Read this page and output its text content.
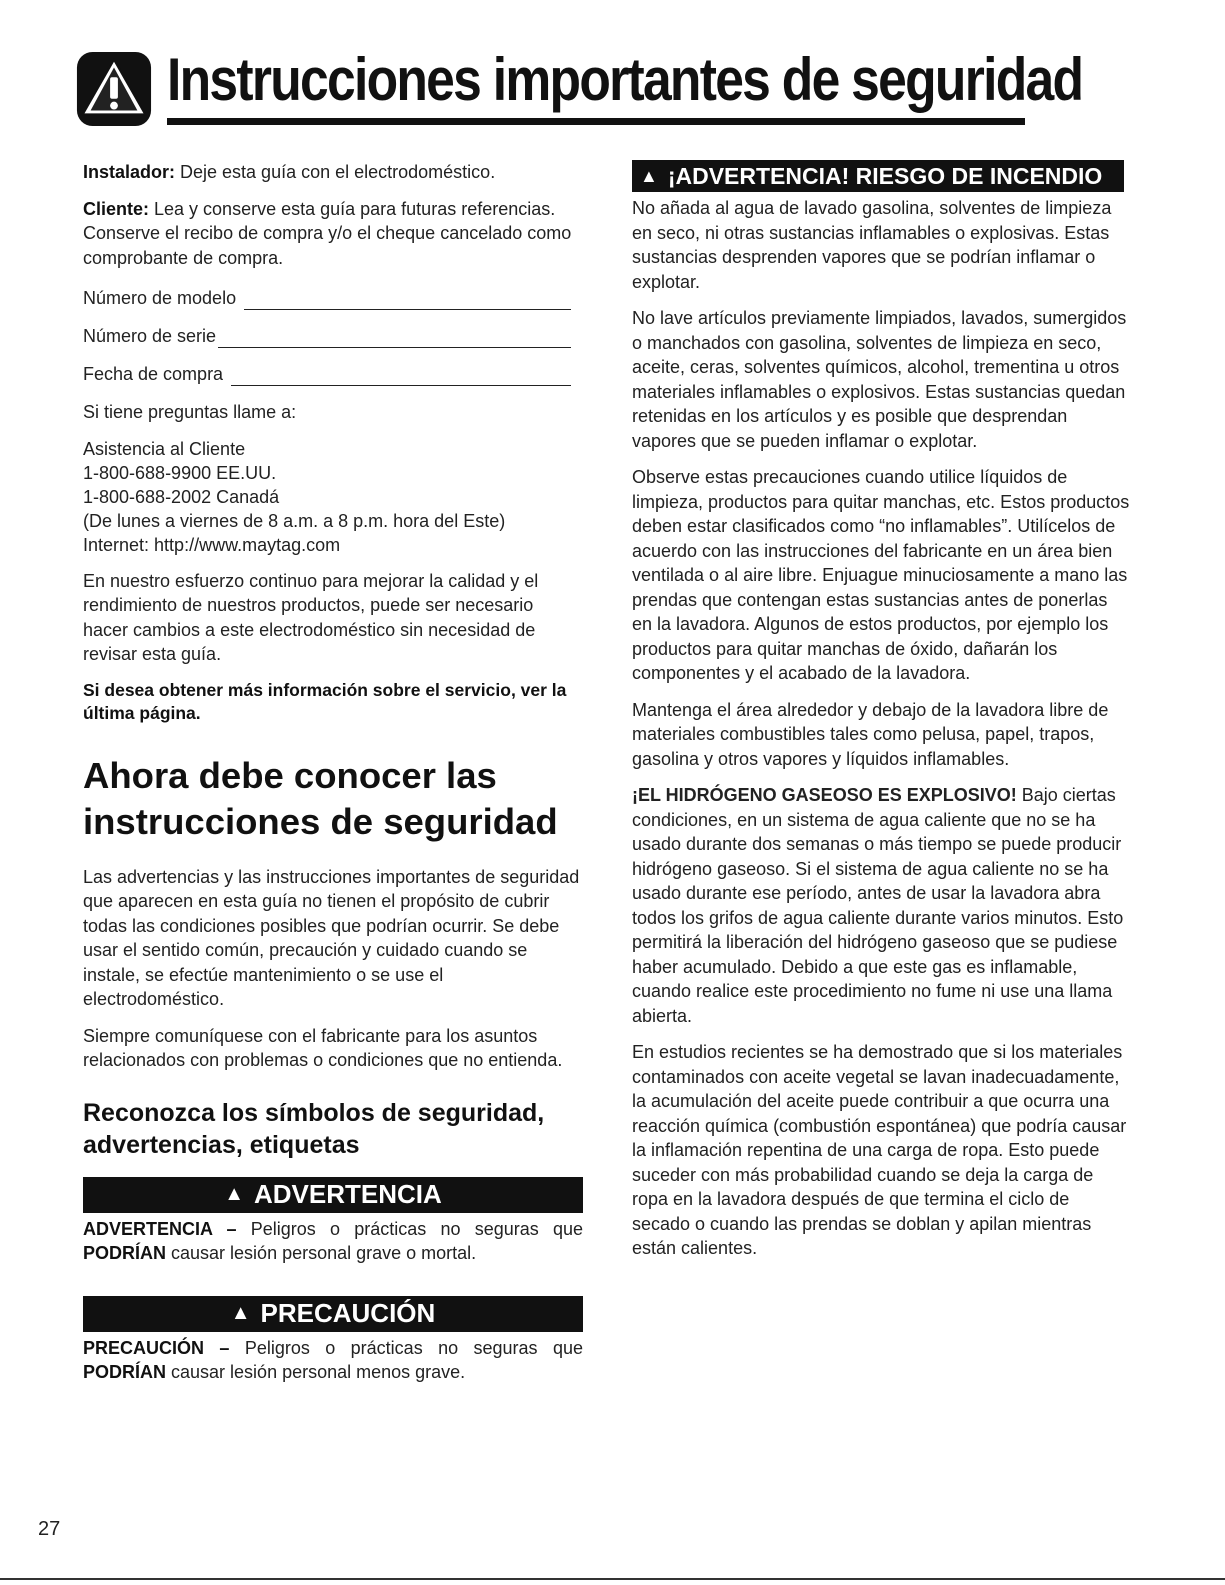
Instrucciones importantes de seguridad

Instalador: Deje esta guía con el electrodoméstico.

Cliente: Lea y conserve esta guía para futuras referencias. Conserve el recibo de compra y/o el cheque cancelado como comprobante de compra.

Número de modelo
Número de serie
Fecha de compra

Si tiene preguntas llame a:

Asistencia al Cliente
1-800-688-9900 EE.UU.
1-800-688-2002 Canadá
(De lunes a viernes de 8 a.m. a 8 p.m. hora del Este)
Internet: http://www.maytag.com

En nuestro esfuerzo continuo para mejorar la calidad y el rendimiento de nuestros productos, puede ser necesario hacer cambios a este electrodoméstico sin necesidad de revisar esta guía.

Si desea obtener más información sobre el servicio, ver la última página.

Ahora debe conocer las instrucciones de seguridad

Las advertencias y las instrucciones importantes de seguridad que aparecen en esta guía no tienen el propósito de cubrir todas las condiciones posibles que podrían ocurrir. Se debe usar el sentido común, precaución y cuidado cuando se instale, se efectúe mantenimiento o se use el electrodoméstico.

Siempre comuníquese con el fabricante para los asuntos relacionados con problemas o condiciones que no entienda.

Reconozca los símbolos de seguridad, advertencias, etiquetas
▲ ADVERTENCIA

ADVERTENCIA – Peligros o prácticas no seguras que PODRÍAN causar lesión personal grave o mortal.

▲ PRECAUCIÓN

PRECAUCIÓN – Peligros o prácticas no seguras que PODRÍAN causar lesión personal menos grave.

▲ ¡ADVERTENCIA! RIESGO DE INCENDIO

No añada al agua de lavado gasolina, solventes de limpieza en seco, ni otras sustancias inflamables o explosivas. Estas sustancias desprenden vapores que se podrían inflamar o explotar.

No lave artículos previamente limpiados, lavados, sumergidos o manchados con gasolina, solventes de limpieza en seco, aceite, ceras, solventes químicos, alcohol, trementina u otros materiales inflamables o explosivos. Estas sustancias quedan retenidas en los artículos y es posible que desprendan vapores que se pueden inflamar o explotar.

Observe estas precauciones cuando utilice líquidos de limpieza, productos para quitar manchas, etc. Estos productos deben estar clasificados como “no inflamables”. Utilícelos de acuerdo con las instrucciones del fabricante en un área bien ventilada o al aire libre. Enjuague minuciosamente a mano las prendas que contengan estas sustancias antes de ponerlas en la lavadora. Algunos de estos productos, por ejemplo los productos para quitar manchas de óxido, dañarán los componentes y el acabado de la lavadora.

Mantenga el área alrededor y debajo de la lavadora libre de materiales combustibles tales como pelusa, papel, trapos, gasolina y otros vapores y líquidos inflamables.

¡EL HIDRÓGENO GASEOSO ES EXPLOSIVO! Bajo ciertas condiciones, en un sistema de agua caliente que no se ha usado durante dos semanas o más tiempo se puede producir hidrógeno gaseoso. Si el sistema de agua caliente no se ha usado durante ese período, antes de usar la lavadora abra todos los grifos de agua caliente durante varios minutos. Esto permitirá la liberación del hidrógeno gaseoso que se pudiese haber acumulado. Debido a que este gas es inflamable, cuando realice este procedimiento no fume ni use una llama abierta.

En estudios recientes se ha demostrado que si los materiales contaminados con aceite vegetal se lavan inadecuadamente, la acumulación del aceite puede contribuir a que ocurra una reacción química (combustión espontánea) que podría causar la inflamación repentina de una carga de ropa. Esto puede suceder con más probabilidad cuando se deja la carga de ropa en la lavadora después de que termina el ciclo de secado o cuando las prendas se doblan y apilan mientras están calientes.

27
